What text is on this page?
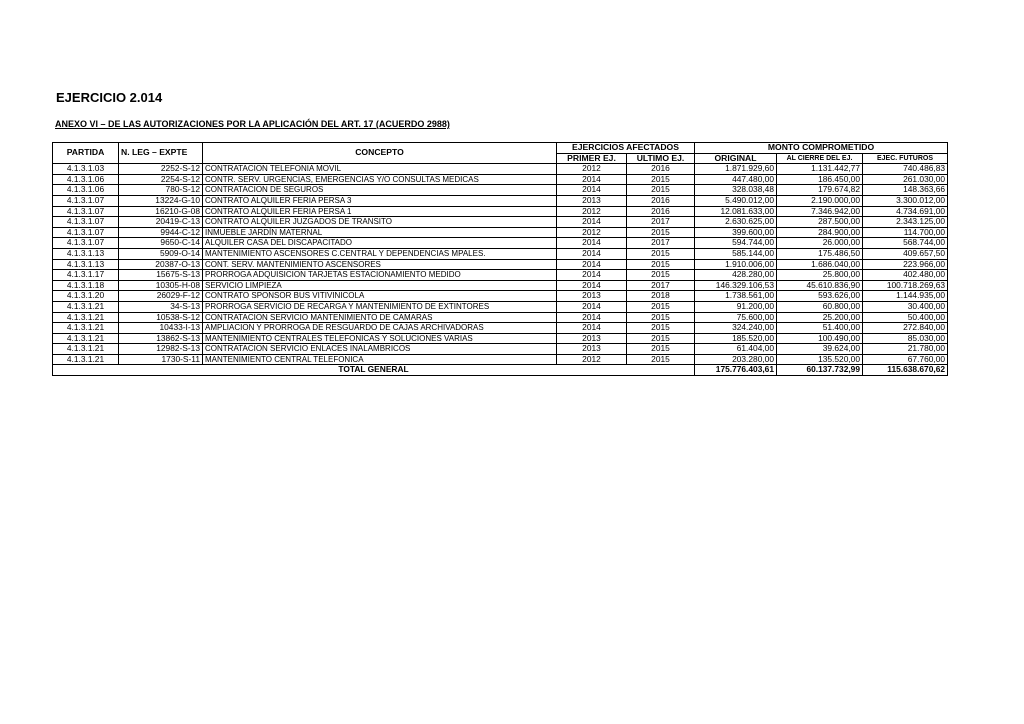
EJERCICIO 2.014
ANEXO VI – DE LAS AUTORIZACIONES POR LA APLICACIÓN DEL ART. 17 (ACUERDO 2988)
PARTIDA	N. LEG – EXPTE	CONCEPTO	EJERCICIOS AFECTADOS		MONTO COMPROMETIDO		
			PRIMER EJ.	ULTIMO EJ.	ORIGINAL	AL CIERRE DEL EJ.	EJEC. FUTUROS
4.1.3.1.03	2252-S-12	CONTRATACION TELEFONIA MOVIL	2012	2016	1.871.929,60	1.131.442,77	740.486,83
4.1.3.1.06	2254-S-12	CONTR. SERV. URGENCIAS, EMERGENCIAS Y/O CONSULTAS MEDICAS	2014	2015	447.480,00	186.450,00	261.030,00
4.1.3.1.06	780-S-12	CONTRATACION DE SEGUROS	2014	2015	328.038,48	179.674,82	148.363,66
4.1.3.1.07	13224-G-10	CONTRATO ALQUILER FERIA PERSA 3	2013	2016	5.490.012,00	2.190.000,00	3.300.012,00
4.1.3.1.07	16210-G-08	CONTRATO ALQUILER FERIA PERSA 1	2012	2016	12.081.633,00	7.346.942,00	4.734.691,00
4.1.3.1.07	20419-C-13	CONTRATO ALQUILER JUZGADOS DE TRANSITO	2014	2017	2.630.625,00	287.500,00	2.343.125,00
4.1.3.1.07	9944-C-12	INMUEBLE JARDÍN MATERNAL	2012	2015	399.600,00	284.900,00	114.700,00
4.1.3.1.07	9650-C-14	ALQUILER CASA DEL DISCAPACITADO	2014	2017	594.744,00	26.000,00	568.744,00
4.1.3.1.13	5909-O-14	MANTENIMIENTO ASCENSORES C.CENTRAL Y DEPENDENCIAS MPALES.	2014	2015	585.144,00	175.486,50	409.657,50
4.1.3.1.13	20387-O-13	CONT. SERV. MANTENIMIENTO ASCENSORES	2014	2015	1.910.006,00	1.686.040,00	223.966,00
4.1.3.1.17	15675-S-13	PRORROGA ADQUISICION TARJETAS ESTACIONAMIENTO MEDIDO	2014	2015	428.280,00	25.800,00	402.480,00
4.1.3.1.18	10305-H-08	SERVICIO LIMPIEZA	2014	2017	146.329.106,53	45.610.836,90	100.718.269,63
4.1.3.1.20	26029-F-12	CONTRATO SPONSOR BUS VITIVINICOLA	2013	2018	1.738.561,00	593.626,00	1.144.935,00
4.1.3.1.21	34-S-13	PRORROGA SERVICIO DE RECARGA Y MANTENIMIENTO DE EXTINTORES	2014	2015	91.200,00	60.800,00	30.400,00
4.1.3.1.21	10538-S-12	CONTRATACION SERVICIO MANTENIMIENTO DE CAMARAS	2014	2015	75.600,00	25.200,00	50.400,00
4.1.3.1.21	10433-I-13	AMPLIACION Y PRORROGA DE RESGUARDO DE CAJAS ARCHIVADORAS	2014	2015	324.240,00	51.400,00	272.840,00
4.1.3.1.21	13862-S-13	MANTENIMIENTO CENTRALES TELEFONICAS Y SOLUCIONES VARIAS	2013	2015	185.520,00	100.490,00	85.030,00
4.1.3.1.21	12982-S-13	CONTRATACION SERVICIO ENLACES INALAMBRICOS	2013	2015	61.404,00	39.624,00	21.780,00
4.1.3.1.21	1730-S-11	MANTENIMIENTO CENTRAL TELEFONICA	2012	2015	203.280,00	135.520,00	67.760,00
TOTAL GENERAL					175.776.403,61	60.137.732,99	115.638.670,62
